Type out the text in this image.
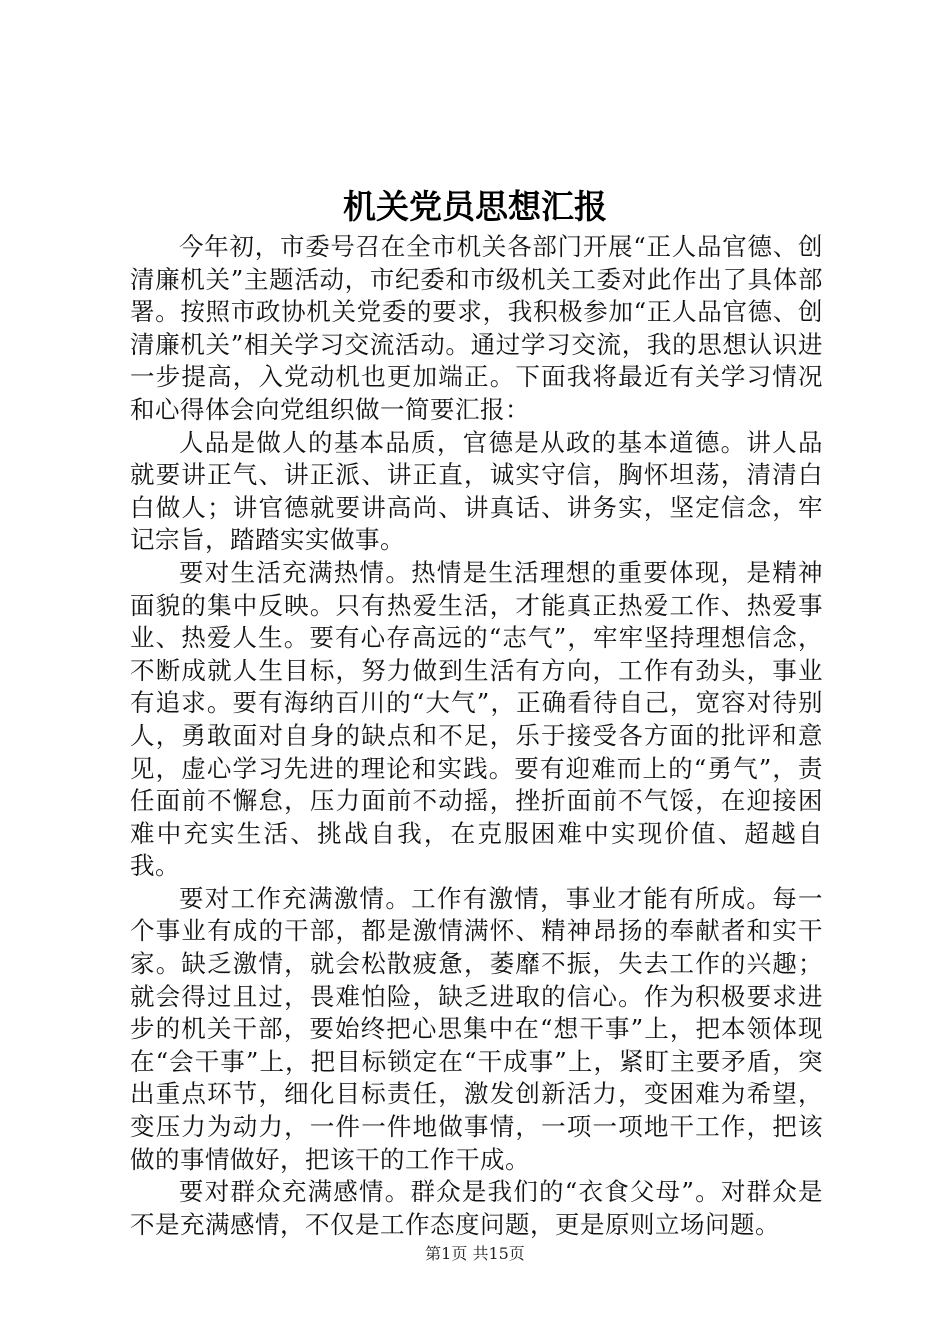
机关党员思想汇报

今年初，市委号召在全市机关各部门开展“正人品官德、创清廉机关”主题活动，市纪委和市级机关工委对此作出了具体部署。按照市政协机关党委的要求，我积极参加“正人品官德、创清廉机关”相关学习交流活动。通过学习交流，我的思想认识进一步提高，入党动机也更加端正。下面我将最近有关学习情况和心得体会向党组织做一简要汇报：

人品是做人的基本品质，官德是从政的基本道德。讲人品就要讲正气、讲正派、讲正直，诚实守信，胸怀坦荡，清清白白做人；讲官德就要讲高尚、讲真话、讲务实，坚定信念，牢记宗旨，踏踏实实做事。

要对生活充满热情。热情是生活理想的重要体现，是精神面貌的集中反映。只有热爱生活，才能真正热爱工作、热爱事业、热爱人生。要有心存高远的“志气”，牢牢坚持理想信念，不断成就人生目标，努力做到生活有方向，工作有劲头，事业有追求。要有海纳百川的“大气”，正确看待自己，宽容对待别人，勇敢面对自身的缺点和不足，乐于接受各方面的批评和意见，虚心学习先进的理论和实践。要有迎难而上的“勇气”，责任面前不懈怠，压力面前不动摇，挫折面前不气馁，在迎接困难中充实生活、挑战自我，在克服困难中实现价值、超越自我。

要对工作充满激情。工作有激情，事业才能有所成。每一个事业有成的干部，都是激情满怀、精神昂扬的奉献者和实干家。缺乏激情，就会松散疲惫，萎靡不振，失去工作的兴趣；就会得过且过，畏难怕险，缺乏进取的信心。作为积极要求进步的机关干部，要始终把心思集中在“想干事”上，把本领体现在“会干事”上，把目标锁定在“干成事”上，紧盯主要矛盾，突出重点环节，细化目标责任，激发创新活力，变困难为希望，变压力为动力，一件一件地做事情，一项一项地干工作，把该做的事情做好，把该干的工作干成。

要对群众充满感情。群众是我们的“衣食父母”。对群众是不是充满感情，不仅是工作态度问题，更是原则立场问题。

第1页 共15页
